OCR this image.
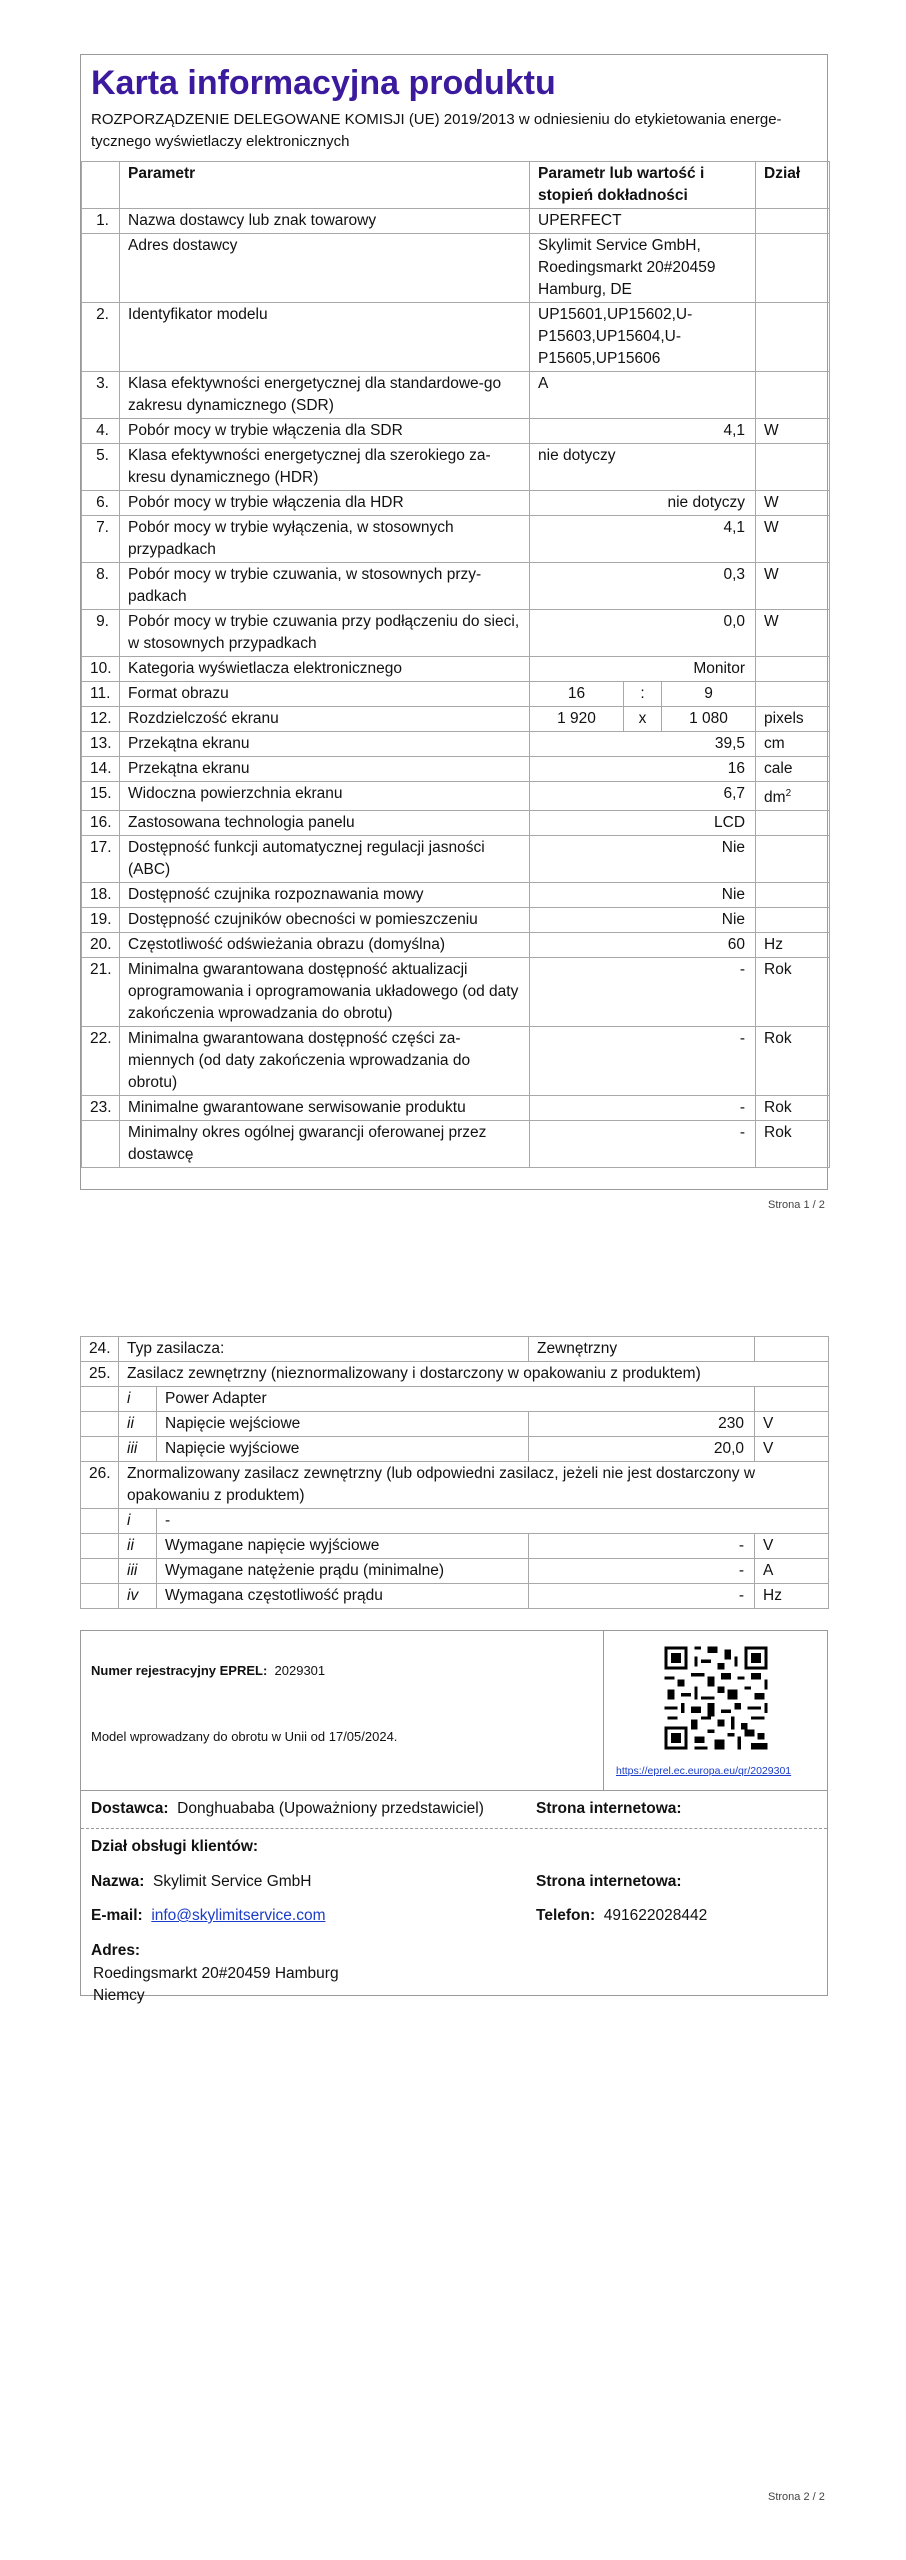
Karta informacyjna produktu
ROZPORZĄDZENIE DELEGOWANE KOMISJI (UE) 2019/2013 w odniesieniu do etykietowania energe-tycznego wyświetlaczy elektronicznych
	Parametr	Parametr lub wartość i stopień dokładności			Dział
1.	Nazwa dostawcy lub znak towarowy	UPERFECT			
	Adres dostawcy	Skylimit Service GmbH, Roedingsmarkt 20#20459 Hamburg, DE			
2.	Identyfikator modelu	UP15601,UP15602,U-P15603,UP15604,U-P15605,UP15606			
3.	Klasa efektywności energetycznej dla standardowe-go zakresu dynamicznego (SDR)	A			
4.	Pobór mocy w trybie włączenia dla SDR	4,1			W
5.	Klasa efektywności energetycznej dla szerokiego za-kresu dynamicznego (HDR)	nie dotyczy			
6.	Pobór mocy w trybie włączenia dla HDR	nie dotyczy			W
7.	Pobór mocy w trybie wyłączenia, w stosownych przypadkach	4,1			W
8.	Pobór mocy w trybie czuwania, w stosownych przy-padkach	0,3			W
9.	Pobór mocy w trybie czuwania przy podłączeniu do sieci, w stosownych przypadkach	0,0			W
10.	Kategoria wyświetlacza elektronicznego	Monitor			
11.	Format obrazu	16	:	9	
12.	Rozdzielczość ekranu	1 920	x	1 080	pixels
13.	Przekątna ekranu	39,5			cm
14.	Przekątna ekranu	16			cale
15.	Widoczna powierzchnia ekranu	6,7			$dm^2$
16.	Zastosowana technologia panelu	LCD			
17.	Dostępność funkcji automatycznej regulacji jasności (ABC)	Nie			
18.	Dostępność czujnika rozpoznawania mowy	Nie			
19.	Dostępność czujników obecności w pomieszczeniu	Nie			
20.	Częstotliwość odświeżania obrazu (domyślna)	60			Hz
21.	Minimalna gwarantowana dostępność aktualizacji oprogramowania i oprogramowania układowego (od daty zakończenia wprowadzania do obrotu)	-			Rok
22.	Minimalna gwarantowana dostępność części za-miennych (od daty zakończenia wprowadzania do obrotu)	-			Rok
23.	Minimalne gwarantowane serwisowanie produktu	-			Rok
	Minimalny okres ogólnej gwarancji oferowanej przez dostawcę	-			Rok
Strona 1 / 2
24.	Typ zasilacza:		Zewnętrzny	
25.	Zasilacz zewnętrzny (nieznormalizowany i dostarczony w opakowaniu z produktem)			
	i	Power Adapter		
	ii	Napięcie wejściowe	230	V
	iii	Napięcie wyjściowe	20,0	V
26.	Znormalizowany zasilacz zewnętrzny (lub odpowiedni zasilacz, jeżeli nie jest dostarczony w opakowaniu z produktem)			
	i	-		
	ii	Wymagane napięcie wyjściowe	-	V
	iii	Wymagane natężenie prądu (minimalne)	-	A
	iv	Wymagana częstotliwość prądu	-	Hz
Numer rejestracyjny EPREL: 2029301
Model wprowadzany do obrotu w Unii od 17/05/2024.
https://eprel.ec.europa.eu/qr/2029301
Dostawca: Donghuababa (Upoważniony przedstawiciel)	Strona internetowa:
Dział obsługi klientów:
Nazwa: Skylimit Service GmbH	Strona internetowa:
E-mail: info@skylimitservice.com	Telefon: 491622028442
Adres:
Roedingsmarkt 20#20459 Hamburg
Niemcy
Strona 2 / 2
